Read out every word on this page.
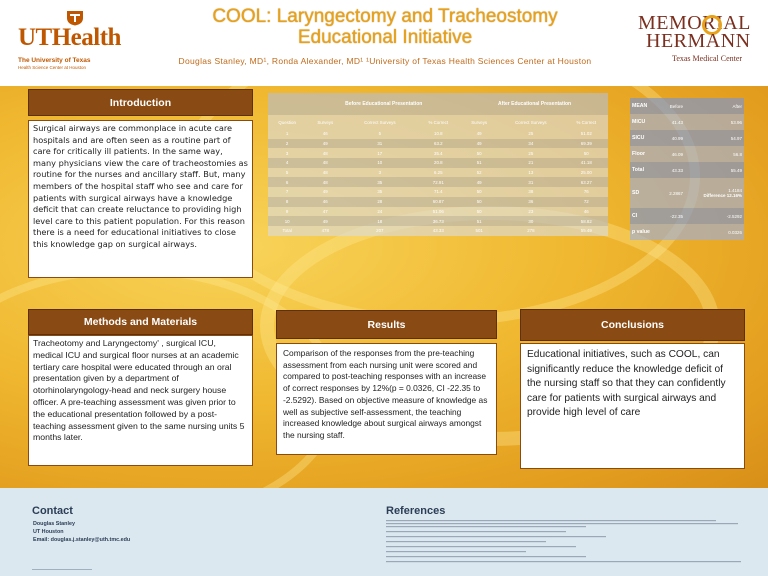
UTHealth
The University of Texas
Health Science Center at Houston
COOL: Laryngectomy and Tracheostomy
Educational Initiative
Douglas Stanley, MD¹, Ronda Alexander, MD¹ ¹University of Texas Health Sciences Center at Houston
MEMORIAL
HERMANN
Texas Medical Center
Introduction
Surgical airways are commonplace in acute care hospitals and are often seen as a routine part of care for critically ill patients. In the same way, many physicians view the care of tracheostomies as routine for the nurses and ancillary staff. But, many members of the hospital staff who see and care for patients with surgical airways have a knowledge deficit that can create reluctance to providing high level care to this patient population. For this reason there is a need for educational initiatives to close this knowledge gap on surgical airways.
Methods and Materials
Tracheotomy and Laryngectomy' , surgical ICU, medical ICU and surgical floor nurses at an academic tertiary care hospital were educated through an oral presentation given by a department of otorhinolaryngology-head and neck surgery house officer. A pre-teaching assessment was given prior to the educational presentation followed by a post-teaching assessment given to the same nursing units 5 months later.
Results
Comparison of the responses from the pre-teaching assessment from each nursing unit were scored and compared to post-teaching responses with an increase of correct responses by 12%(p = 0.0326, CI -22.35 to -2.5292). Based on objective measure of knowledge as well as subjective self-assessment, the teaching increased knowledge about surgical airways amongst the nursing staff.
Conclusions
Educational initiatives, such as COOL, can significantly reduce the knowledge deficit of the nursing staff so that they can confidently care for patients with surgical airways and provide high level of care
	Before Educational Presentation			After Educational Presentation		
Question	Surveys	Correct Surveys	% Correct	Surveys	Correct Surveys	% Correct
1	46	5	10.8	49	25	51.02
2	49	31	63.2	49	34	69.39
3	48	17	35.4	50	25	50
4	48	10	20.8	51	21	41.18
5	48	3	6.25	52	13	25.00
6	48	35	72.91	49	31	63.27
7	49	35	71.4	50	38	76
8	46	28	60.87	50	36	72
9	47	24	51.06	50	23	46
10	49	18	36.73	51	30	58.82
Total	478	207	43.33	501	278	55.49
MEAN	Before	After
MICU	41.43	53.96
SICU	40.99	54.97
Floor	46.09	56.8
Total	43.33	55.49
SD	2.2867	1.4184
Difference 12.16%

CI	-22.35	-2.5292
p value		0.0326
Contact
Douglas Stanley
UT Houston
Email: douglas.j.stanley@uth.tmc.edu
References
